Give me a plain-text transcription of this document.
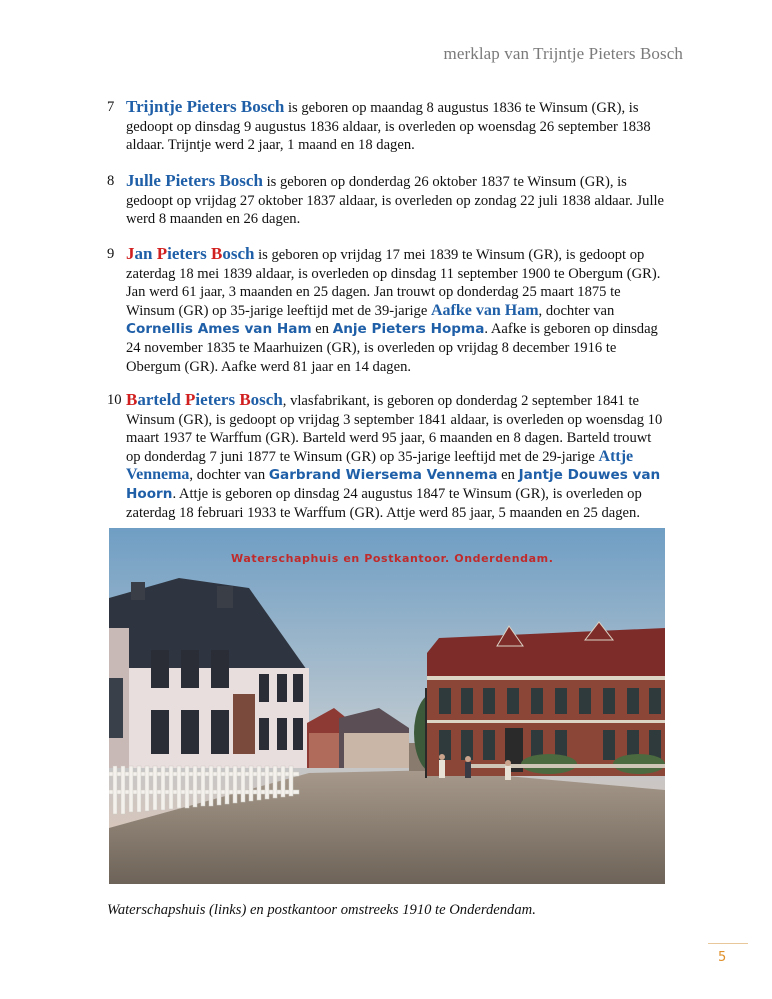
merklap van Trijntje Pieters Bosch
7 Trijntje Pieters Bosch is geboren op maandag 8 augustus 1836 te Winsum (GR), is gedoopt op dinsdag 9 augustus 1836 aldaar, is overleden op woensdag 26 september 1838 aldaar. Trijntje werd 2 jaar, 1 maand en 18 dagen.
8 Julle Pieters Bosch is geboren op donderdag 26 oktober 1837 te Winsum (GR), is gedoopt op vrijdag 27 oktober 1837 aldaar, is overleden op zondag 22 juli 1838 aldaar. Julle werd 8 maanden en 26 dagen.
9 Jan Pieters Bosch is geboren op vrijdag 17 mei 1839 te Winsum (GR), is gedoopt op zaterdag 18 mei 1839 aldaar, is overleden op dinsdag 11 september 1900 te Obergum (GR). Jan werd 61 jaar, 3 maanden en 25 dagen. Jan trouwt op donderdag 25 maart 1875 te Winsum (GR) op 35-jarige leeftijd met de 39-jarige Aafke van Ham, dochter van Cornellis Ames van Ham en Anje Pieters Hopma. Aafke is geboren op dinsdag 24 november 1835 te Maarhuizen (GR), is overleden op vrijdag 8 december 1916 te Obergum (GR). Aafke werd 81 jaar en 14 dagen.
10 Barteld Pieters Bosch, vlasfabrikant, is geboren op donderdag 2 september 1841 te Winsum (GR), is gedoopt op vrijdag 3 september 1841 aldaar, is overleden op woensdag 10 maart 1937 te Warffum (GR). Barteld werd 95 jaar, 6 maanden en 8 dagen. Barteld trouwt op donderdag 7 juni 1877 te Winsum (GR) op 35-jarige leeftijd met de 29-jarige Attje Vennema, dochter van Garbrand Wiersema Vennema en Jantje Douwes van Hoorn. Attje is geboren op dinsdag 24 augustus 1847 te Winsum (GR), is overleden op zaterdag 18 februari 1933 te Warffum (GR). Attje werd 85 jaar, 5 maanden en 25 dagen.
Waterschaphuis en Postkantoor. Onderdendam.
Waterschapshuis (links) en postkantoor omstreeks 1910 te Onderdendam.
5
